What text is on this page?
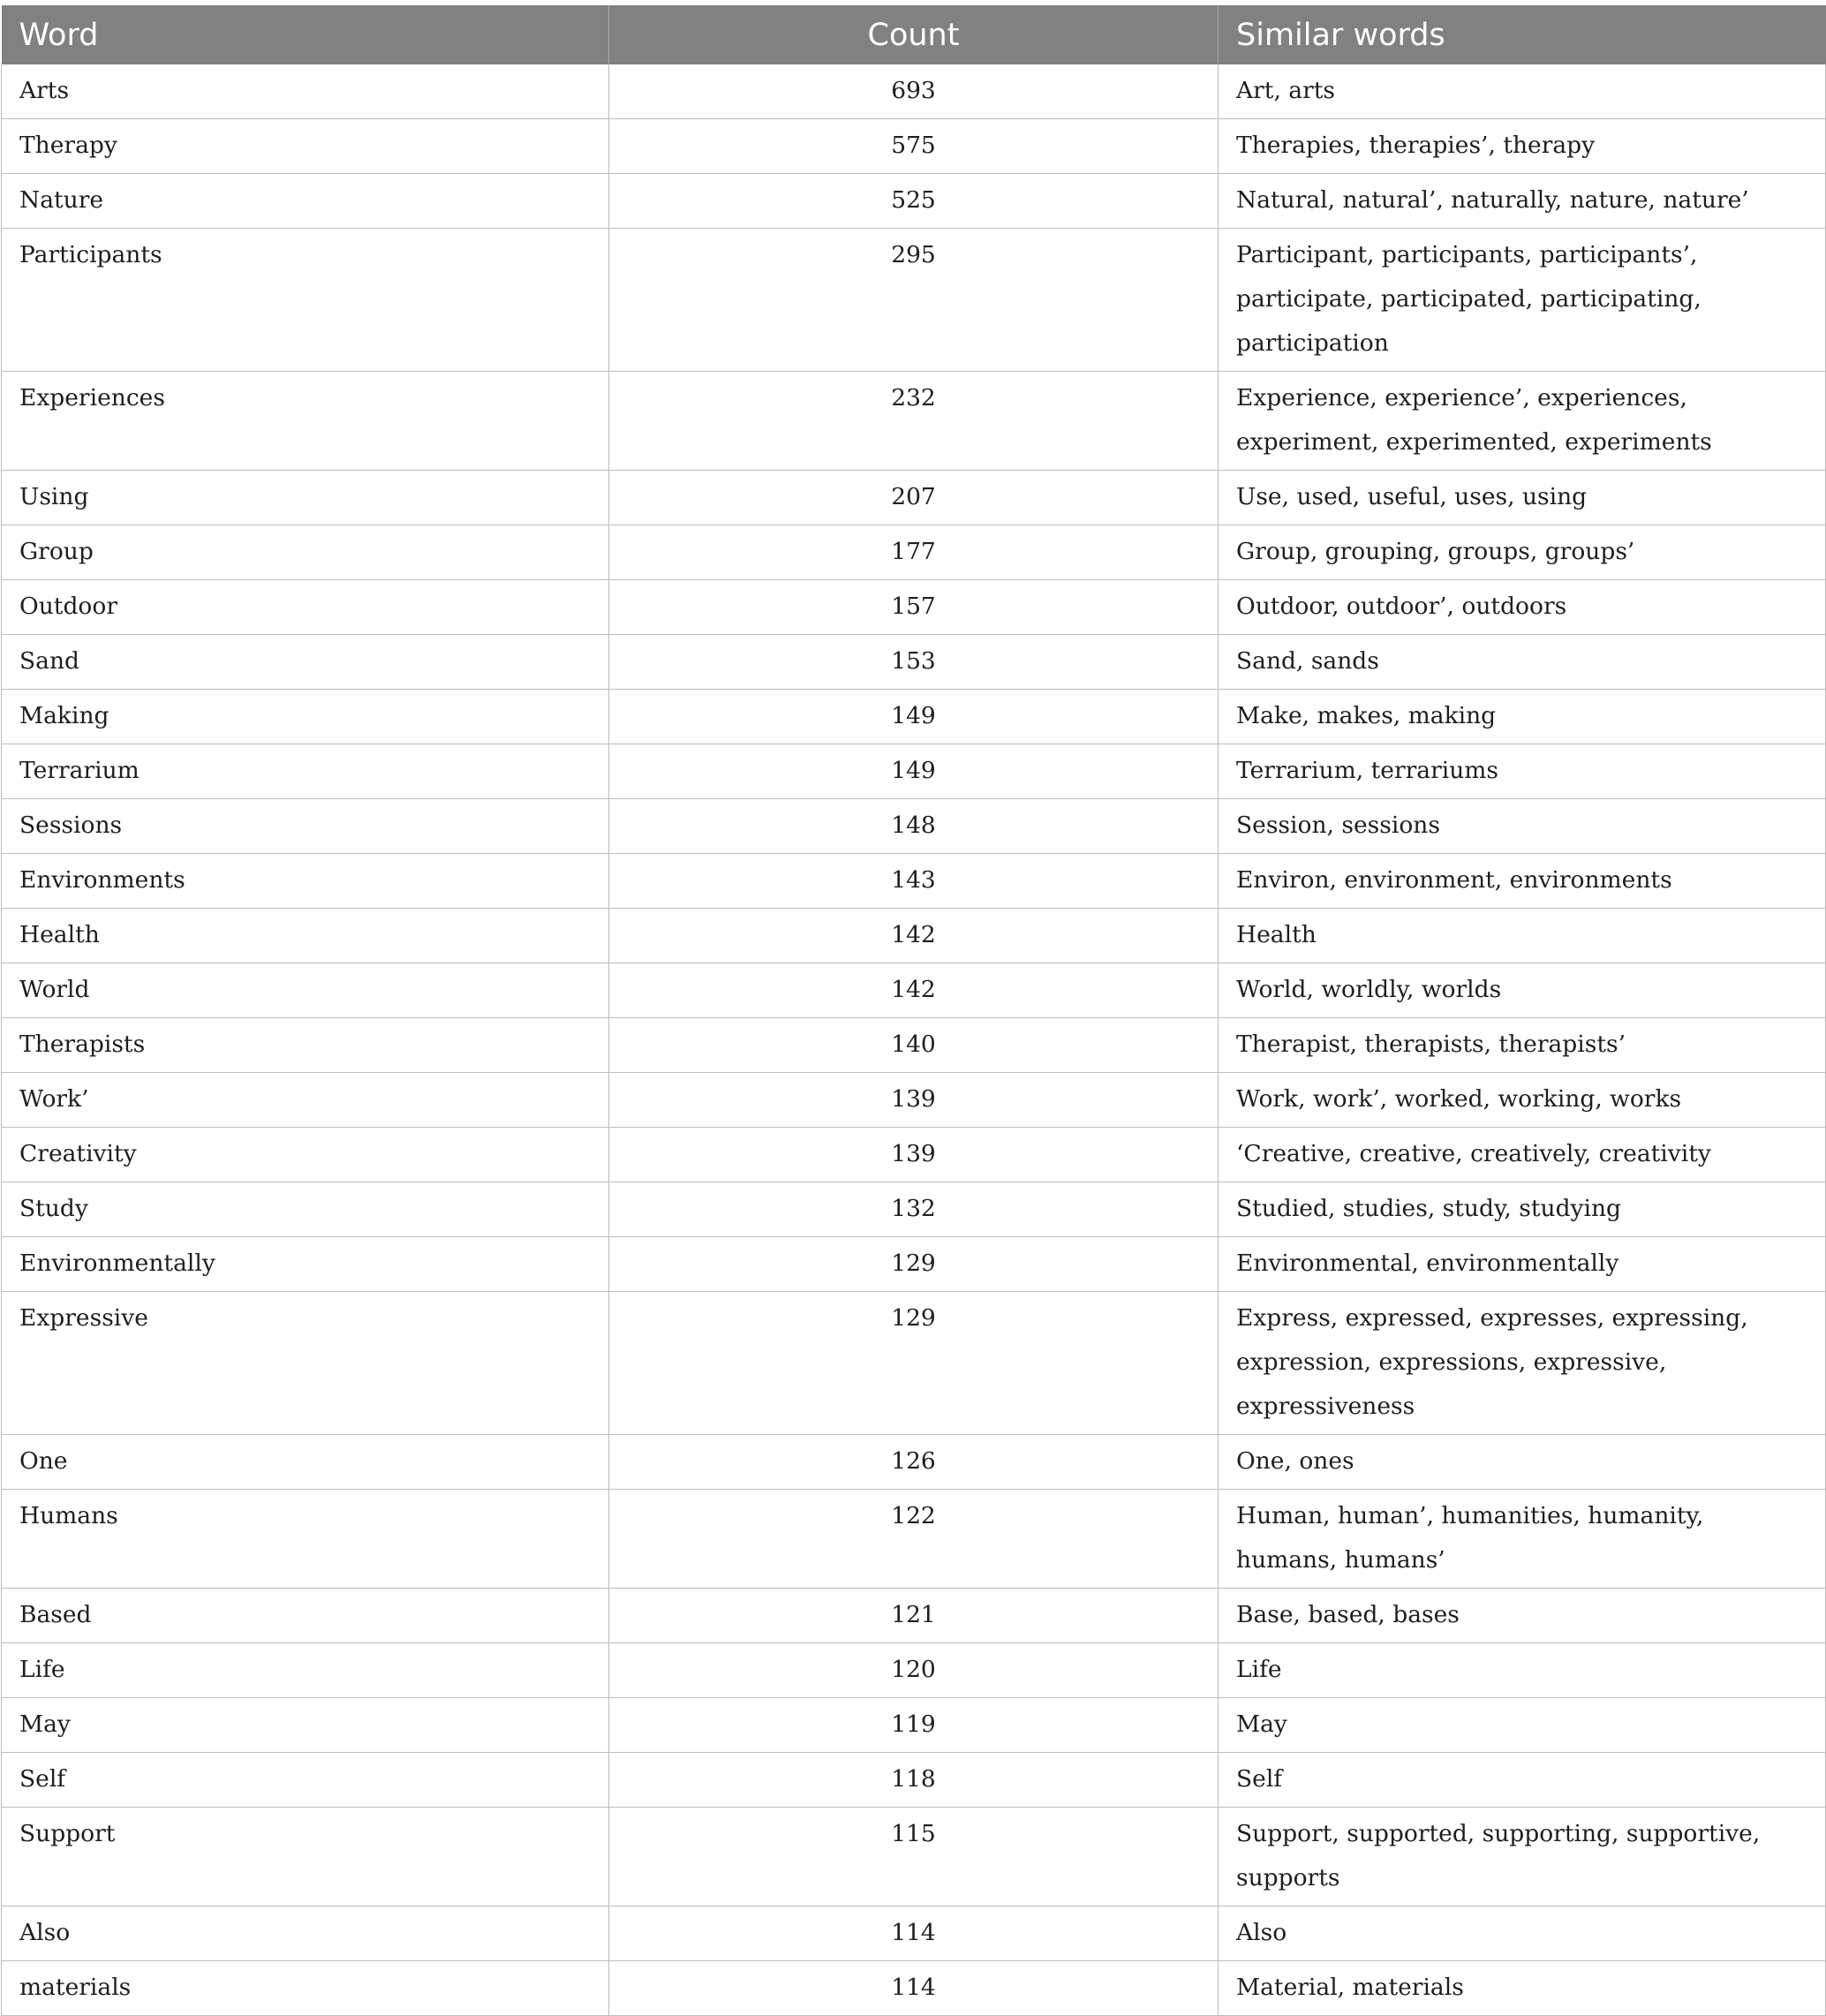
Word	Count	Similar words
Arts	693	Art, arts
Therapy	575	Therapies, therapies’, therapy
Nature	525	Natural, natural’, naturally, nature, nature’
Participants	295	Participant, participants, participants’, participate, participated, participating, participation
Experiences	232	Experience, experience’, experiences, experiment, experimented, experiments
Using	207	Use, used, useful, uses, using
Group	177	Group, grouping, groups, groups’
Outdoor	157	Outdoor, outdoor’, outdoors
Sand	153	Sand, sands
Making	149	Make, makes, making
Terrarium	149	Terrarium, terrariums
Sessions	148	Session, sessions
Environments	143	Environ, environment, environments
Health	142	Health
World	142	World, worldly, worlds
Therapists	140	Therapist, therapists, therapists’
Work’	139	Work, work’, worked, working, works
Creativity	139	‘Creative, creative, creatively, creativity
Study	132	Studied, studies, study, studying
Environmentally	129	Environmental, environmentally
Expressive	129	Express, expressed, expresses, expressing, expression, expressions, expressive, expressiveness
One	126	One, ones
Humans	122	Human, human’, humanities, humanity, humans, humans’
Based	121	Base, based, bases
Life	120	Life
May	119	May
Self	118	Self
Support	115	Support, supported, supporting, supportive, supports
Also	114	Also
materials	114	Material, materials
